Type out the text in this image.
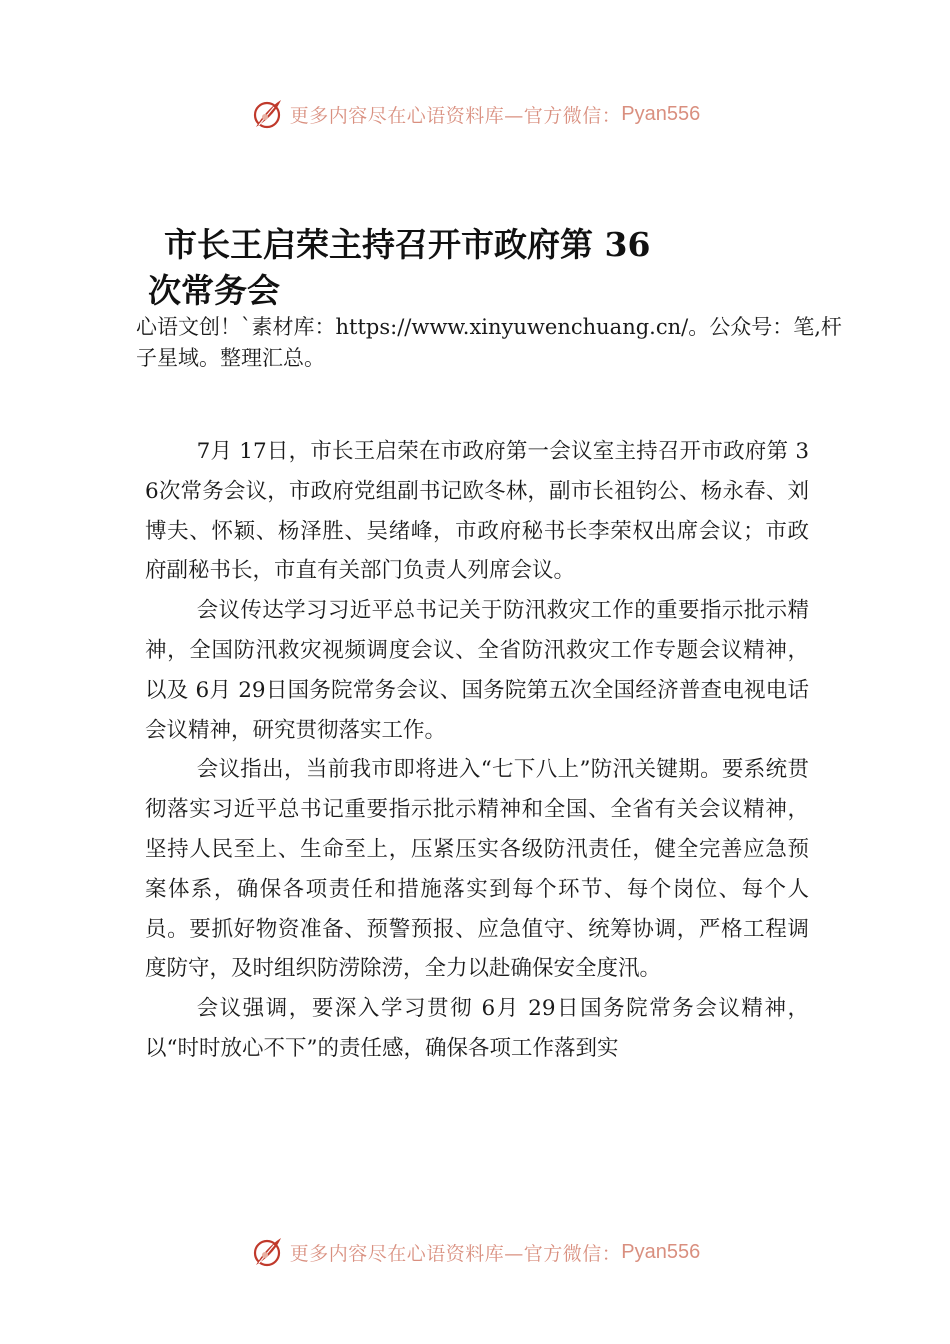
更多内容尽在心语资料库—官方微信： Pyan556
市长王启荣主持召开市政府第 36
次常务会
心语文创！`素材库：https://www.xinyuwenchuang.cn/。公众号：笔,杆子星域。整理汇总。

7月 17日，市长王启荣在市政府第一会议室主持召开市政府第 36次常务会议，市政府党组副书记欧冬林，副市长祖钧公、杨永春、刘博夫、怀颖、杨泽胜、吴绪峰，市政府秘书长李荣权出席会议；市政府副秘书长，市直有关部门负责人列席会议。

会议传达学习习近平总书记关于防汛救灾工作的重要指示批示精神，全国防汛救灾视频调度会议、全省防汛救灾工作专题会议精神，以及 6月 29日国务院常务会议、国务院第五次全国经济普查电视电话会议精神，研究贯彻落实工作。

会议指出，当前我市即将进入“七下八上”防汛关键期。要系统贯彻落实习近平总书记重要指示批示精神和全国、全省有关会议精神，坚持人民至上、生命至上，压紧压实各级防汛责任，健全完善应急预案体系，确保各项责任和措施落实到每个环节、每个岗位、每个人员。要抓好物资准备、预警预报、应急值守、统筹协调，严格工程调度防守，及时组织防涝除涝，全力以赴确保安全度汛。

会议强调，要深入学习贯彻 6月 29日国务院常务会议精神，以“时时放心不下”的责任感，确保各项工作落到实

更多内容尽在心语资料库—官方微信： Pyan556
